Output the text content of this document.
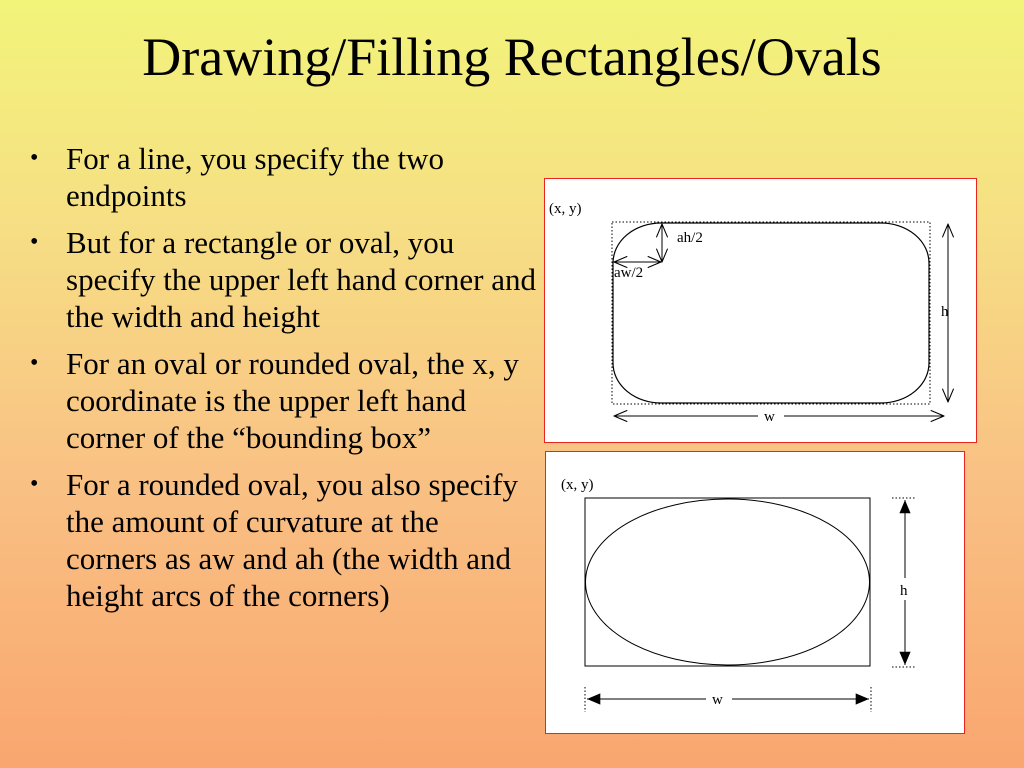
Drawing/Filling Rectangles/Ovals
• For a line, you specify the two endpoints
• But for a rectangle or oval, you specify the upper left hand corner and the width and height
• For an oval or rounded oval, the x, y coordinate is the upper left hand corner of the “bounding box”
• For a rounded oval, you also specify the amount of curvature at the corners as aw and ah (the width and height arcs of the corners)
(x, y)
ah/2
aw/2
h
w
(x, y)
h
w
